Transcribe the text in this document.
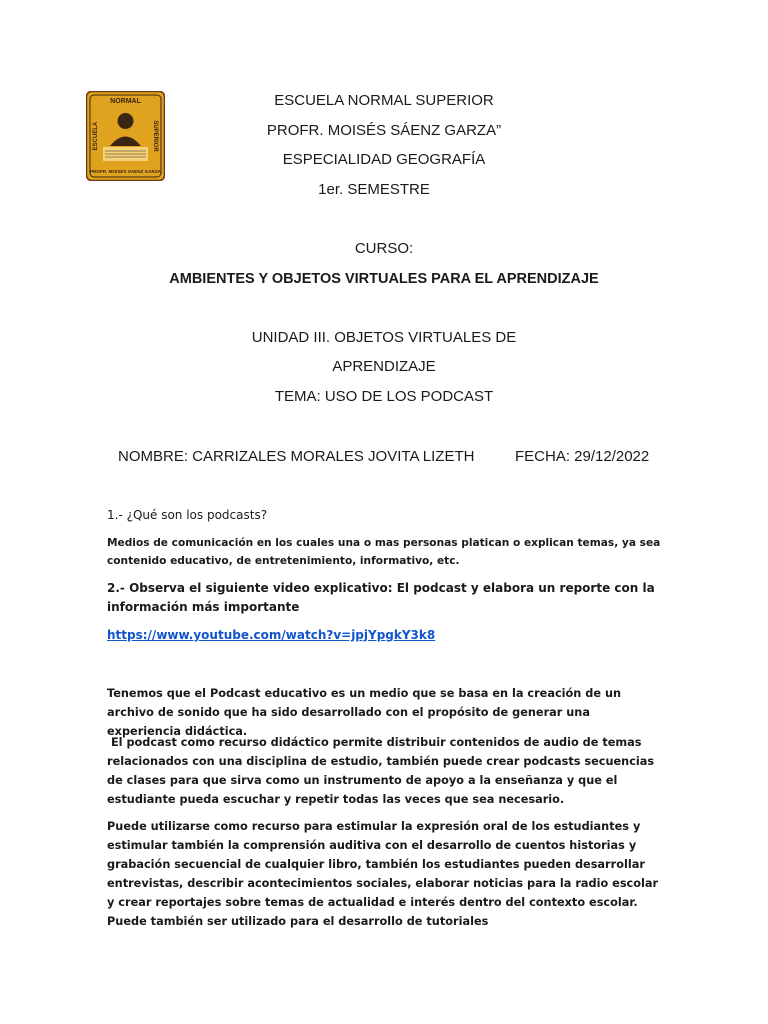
NORMAL
ESCUELA	SUPERIOR
PROFR. MOISES SAENZ GARZA
ESCUELA NORMAL SUPERIOR
PROFR. MOISÉS SÁENZ GARZA”
ESPECIALIDAD GEOGRAFÍA
1er. SEMESTRE
CURSO:
AMBIENTES Y OBJETOS VIRTUALES PARA EL APRENDIZAJE
UNIDAD III. OBJETOS VIRTUALES DE
APRENDIZAJE
TEMA: USO DE LOS PODCAST
NOMBRE: CARRIZALES MORALES JOVITA LIZETH	FECHA: 29/12/2022
1.- ¿Qué son los podcasts?
Medios de comunicación en los cuales una o mas personas platican o explican temas, ya sea contenido educativo, de entretenimiento, informativo, etc.
2.- Observa el siguiente video explicativo: El podcast y elabora un reporte con la información más importante
https://www.youtube.com/watch?v=jpjYpgkY3k8
Tenemos que el Podcast educativo es un medio que se basa en la creación de un archivo de sonido que ha sido desarrollado con el propósito de generar una experiencia didáctica.
El podcast como recurso didáctico permite distribuir contenidos de audio de temas relacionados con una disciplina de estudio, también puede crear podcasts secuencias de clases para que sirva como un instrumento de apoyo a la enseñanza y que el estudiante pueda escuchar y repetir todas las veces que sea necesario.
Puede utilizarse como recurso para estimular la expresión oral de los estudiantes y estimular también la comprensión auditiva con el desarrollo de cuentos historias y grabación secuencial de cualquier libro, también los estudiantes pueden desarrollar entrevistas, describir acontecimientos sociales, elaborar noticias para la radio escolar y crear reportajes sobre temas de actualidad e interés dentro del contexto escolar. Puede también ser utilizado para el desarrollo de tutoriales
